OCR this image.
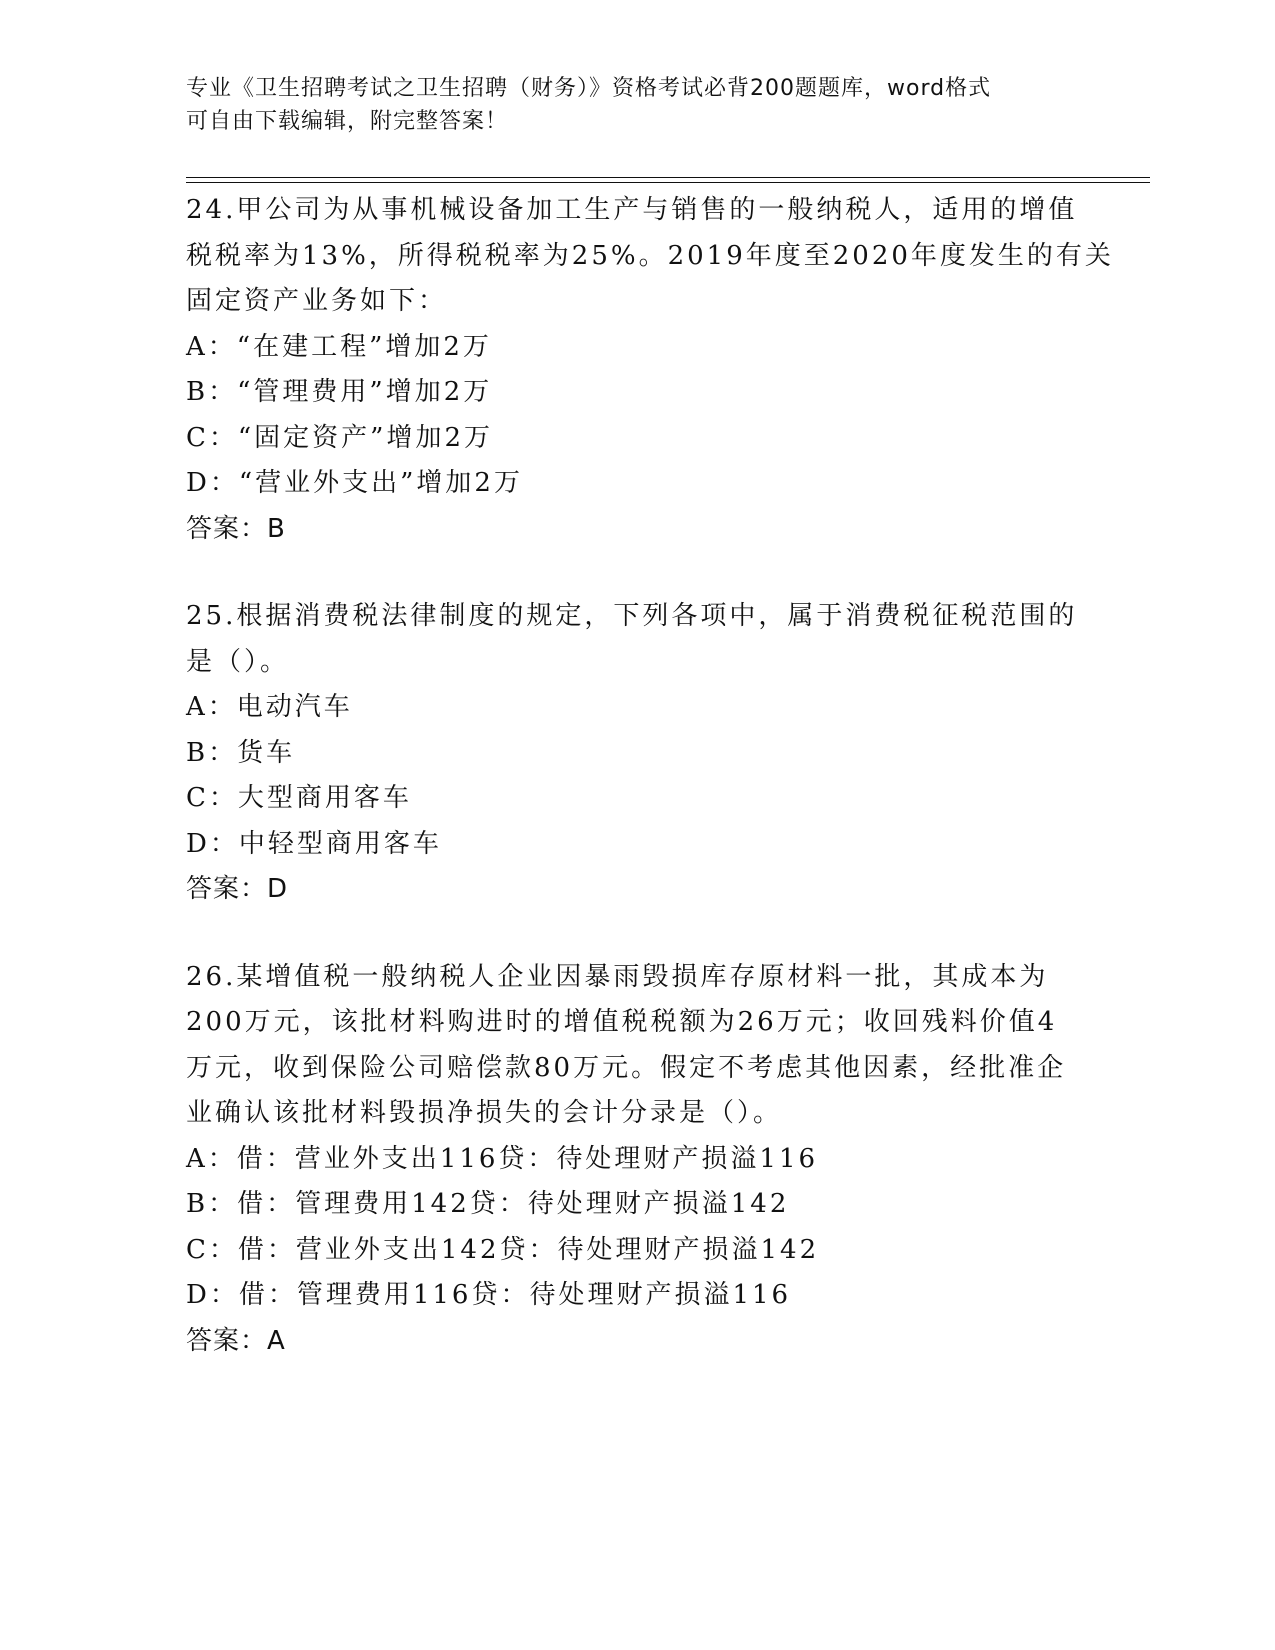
专业《卫生招聘考试之卫生招聘（财务）》资格考试必背200题题库，word格式
可自由下载编辑，附完整答案！
24.甲公司为从事机械设备加工生产与销售的一般纳税人，适用的增值
税税率为13%，所得税税率为25%。2019年度至2020年度发生的有关
固定资产业务如下：
A：“在建工程”增加2万
B：“管理费用”增加2万
C：“固定资产”增加2万
D：“营业外支出”增加2万
答案：B
25.根据消费税法律制度的规定，下列各项中，属于消费税征税范围的
是（）。
A：电动汽车
B：货车
C：大型商用客车
D：中轻型商用客车
答案：D
26.某增值税一般纳税人企业因暴雨毁损库存原材料一批，其成本为
200万元，该批材料购进时的增值税税额为26万元；收回残料价值4
万元，收到保险公司赔偿款80万元。假定不考虑其他因素，经批准企
业确认该批材料毁损净损失的会计分录是（）。
A：借：营业外支出116贷：待处理财产损溢116
B：借：管理费用142贷：待处理财产损溢142
C：借：营业外支出142贷：待处理财产损溢142
D：借：管理费用116贷：待处理财产损溢116
答案：A
